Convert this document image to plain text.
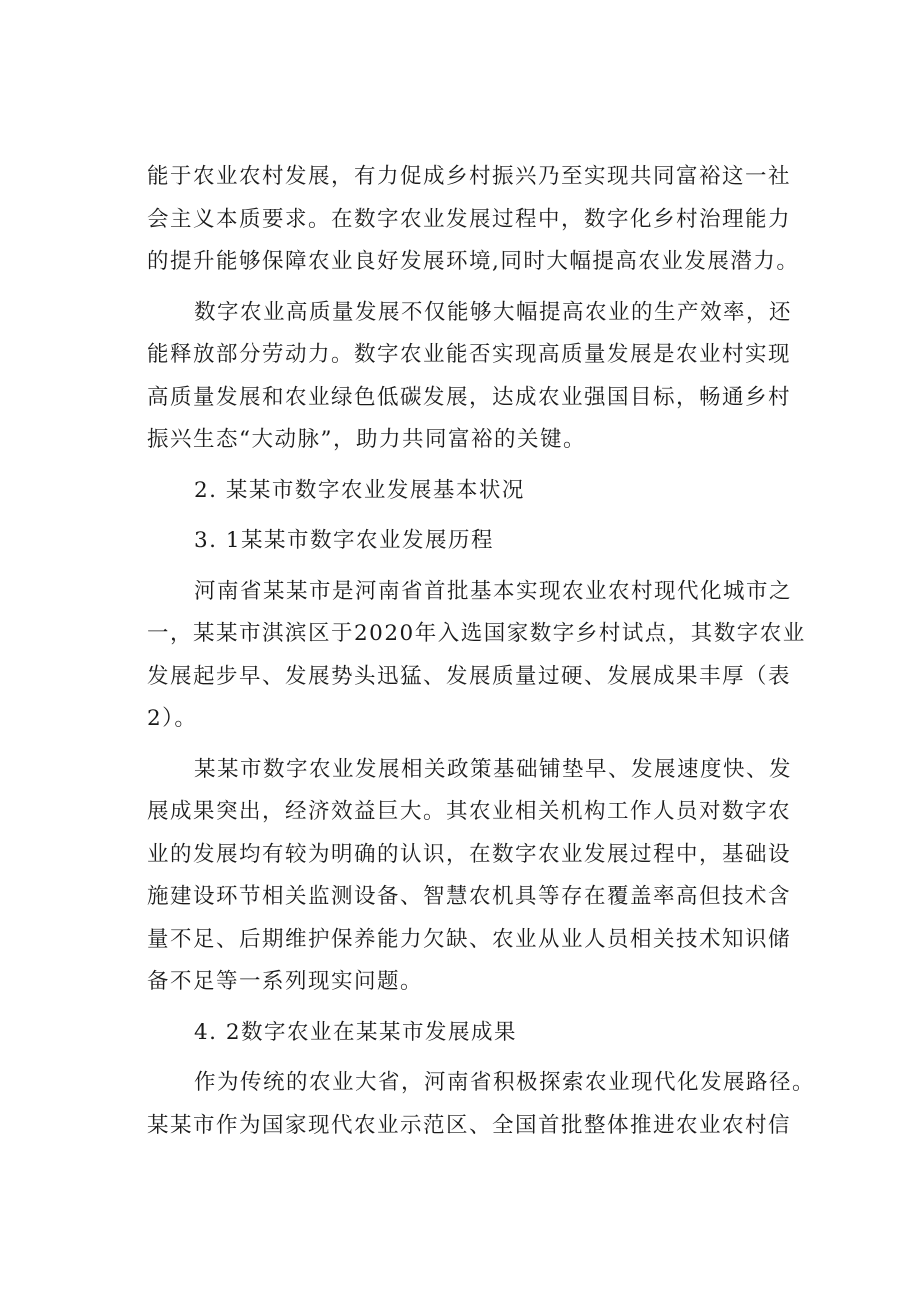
能于农业农村发展，有力促成乡村振兴乃至实现共同富裕这一社
会主义本质要求。在数字农业发展过程中，数字化乡村治理能力
的提升能够保障农业良好发展环境,同时大幅提高农业发展潜力。
数字农业高质量发展不仅能够大幅提高农业的生产效率，还
能释放部分劳动力。数字农业能否实现高质量发展是农业村实现
高质量发展和农业绿色低碳发展，达成农业强国目标，畅通乡村
振兴生态“大动脉”，助力共同富裕的关键。
2. 某某市数字农业发展基本状况
3. 1某某市数字农业发展历程
河南省某某市是河南省首批基本实现农业农村现代化城市之
一，某某市淇滨区于2020年入选国家数字乡村试点，其数字农业
发展起步早、发展势头迅猛、发展质量过硬、发展成果丰厚（表
2）。
某某市数字农业发展相关政策基础铺垫早、发展速度快、发
展成果突出，经济效益巨大。其农业相关机构工作人员对数字农
业的发展均有较为明确的认识，在数字农业发展过程中，基础设
施建设环节相关监测设备、智慧农机具等存在覆盖率高但技术含
量不足、后期维护保养能力欠缺、农业从业人员相关技术知识储
备不足等一系列现实问题。
4. 2数字农业在某某市发展成果
作为传统的农业大省，河南省积极探索农业现代化发展路径。
某某市作为国家现代农业示范区、全国首批整体推进农业农村信
